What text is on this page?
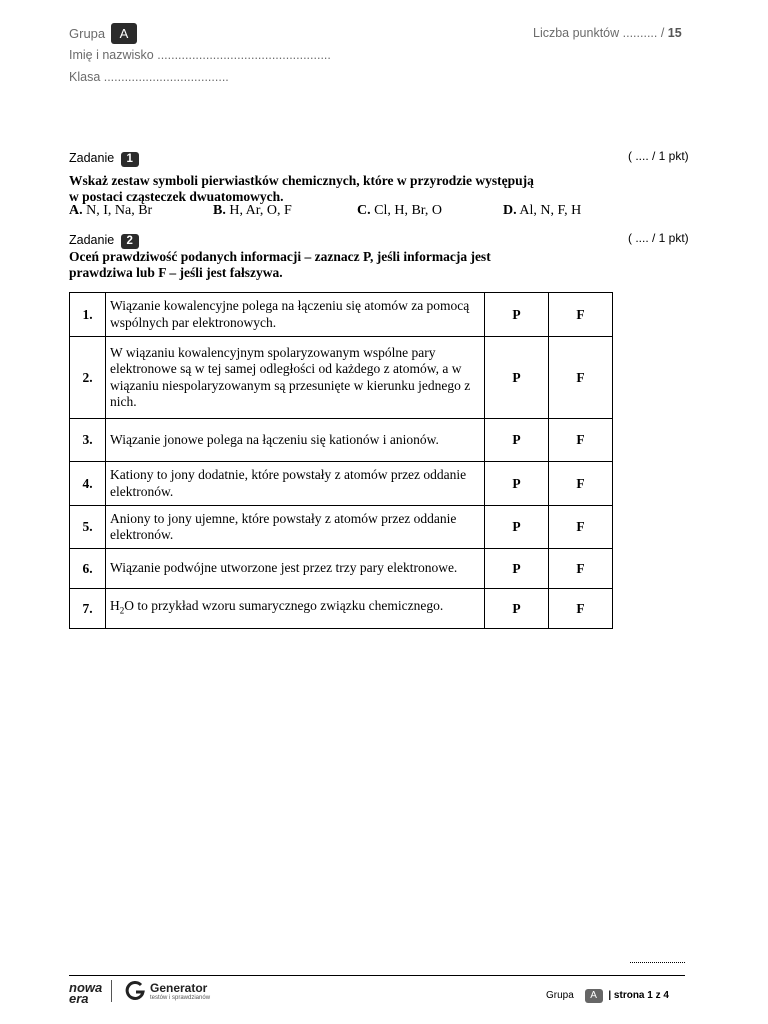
Grupa	A
Imię i nazwisko ..................................................
Klasa ....................................
Liczba punktów .......... / 15
Zadanie 1	( .... / 1 pkt)
Wskaż zestaw symboli pierwiastków chemicznych, które w przyrodzie występują
w postaci cząsteczek dwuatomowych.
A. N, I, Na, Br	B. H, Ar, O, F	C. Cl, H, Br, O	D. Al, N, F, H
Zadanie 2	( .... / 1 pkt)
Oceń prawdziwość podanych informacji – zaznacz P, jeśli informacja jest
prawdziwa lub F – jeśli jest fałszywa.
1.	Wiązanie kowalencyjne polega na łączeniu się atomów za pomocą wspólnych par elektronowych.	P	F
2.	W wiązaniu kowalencyjnym spolaryzowanym wspólne pary elektronowe są w tej samej odległości od każdego z atomów, a w wiązaniu niespolaryzowanym są przesunięte w kierunku jednego z nich.	P	F
3.	Wiązanie jonowe polega na łączeniu się kationów i anionów.	P	F
4.	Kationy to jony dodatnie, które powstały z atomów przez oddanie elektronów.	P	F
5.	Aniony to jony ujemne, które powstały z atomów przez oddanie elektronów.	P	F
6.	Wiązanie podwójne utworzone jest przez trzy pary elektronowe.	P	F
7.	$H_2O$ to przykład wzoru sumarycznego związku chemicznego.	P	F
nowa
era
Generator
testów i sprawdzianów	Grupa A | strona 1 z 4
